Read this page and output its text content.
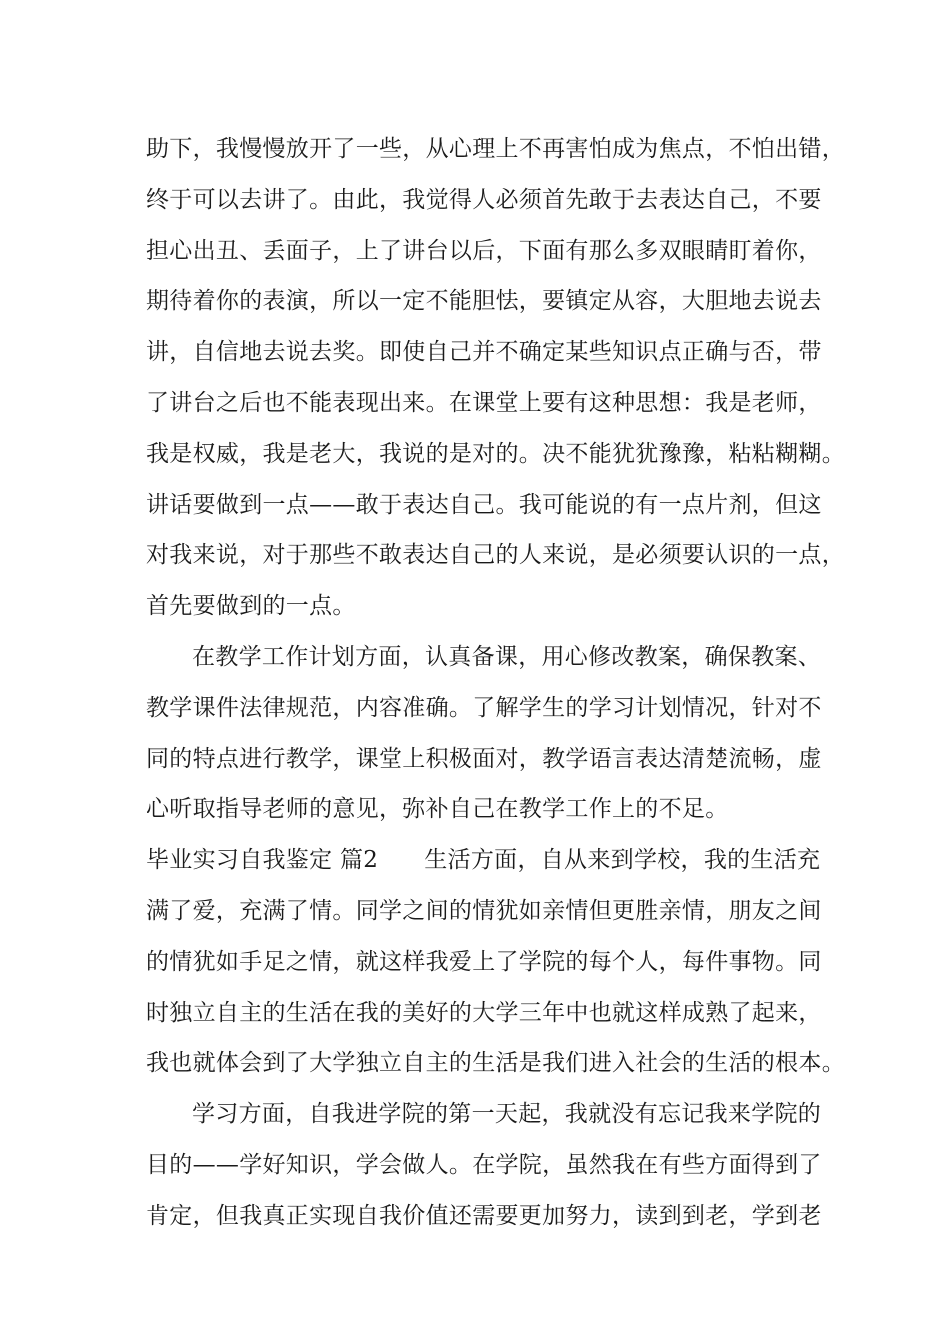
助下，我慢慢放开了一些，从心理上不再害怕成为焦点，不怕出错，
终于可以去讲了。由此，我觉得人必须首先敢于去表达自己，不要
担心出丑、丢面子，上了讲台以后，下面有那么多双眼睛盯着你，
期待着你的表演，所以一定不能胆怯，要镇定从容，大胆地去说去
讲，自信地去说去奖。即使自己并不确定某些知识点正确与否，带
了讲台之后也不能表现出来。在课堂上要有这种思想：我是老师，
我是权威，我是老大，我说的是对的。决不能犹犹豫豫，粘粘糊糊。
讲话要做到一点——敢于表达自己。我可能说的有一点片剂，但这
对我来说，对于那些不敢表达自己的人来说，是必须要认识的一点，
首先要做到的一点。
在教学工作计划方面，认真备课，用心修改教案，确保教案、
教学课件法律规范，内容准确。了解学生的学习计划情况，针对不
同的特点进行教学，课堂上积极面对，教学语言表达清楚流畅，虚
心听取指导老师的意见，弥补自己在教学工作上的不足。
毕业实习自我鉴定 篇2 生活方面，自从来到学校，我的生活充
满了爱，充满了情。同学之间的情犹如亲情但更胜亲情，朋友之间
的情犹如手足之情，就这样我爱上了学院的每个人，每件事物。同
时独立自主的生活在我的美好的大学三年中也就这样成熟了起来，
我也就体会到了大学独立自主的生活是我们进入社会的生活的根本。
学习方面，自我进学院的第一天起，我就没有忘记我来学院的
目的——学好知识，学会做人。在学院，虽然我在有些方面得到了
肯定，但我真正实现自我价值还需要更加努力，读到到老，学到老
